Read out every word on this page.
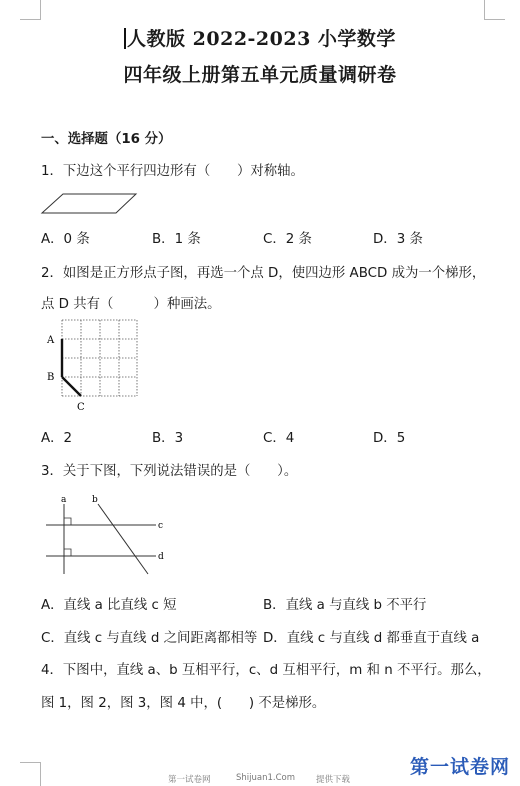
人教版 2022-2023 小学数学
四年级上册第五单元质量调研卷
一、选择题（16 分）
1．下边这个平行四边形有（　　）对称轴。
A．0 条	B．1 条	C．2 条	D．3 条
2．如图是正方形点子图，再选一个点 D，使四边形 ABCD 成为一个梯形，
点 D 共有（　　　）种画法。
A
B
C
A．2	B．3	C．4	D．5
3．关于下图，下列说法错误的是（　　）。
a	b
c
d
A．直线 a 比直线 c 短	B．直线 a 与直线 b 不平行
C．直线 c 与直线 d 之间距离都相等 D．直线 c 与直线 d 都垂直于直线 a
4．下图中，直线 a、b 互相平行，c、d 互相平行，m 和 n 不平行。那么，
图 1，图 2，图 3，图 4 中，(　　) 不是梯形。
第一试卷网	Shijuan1.Com 提供下载
第一试卷网
